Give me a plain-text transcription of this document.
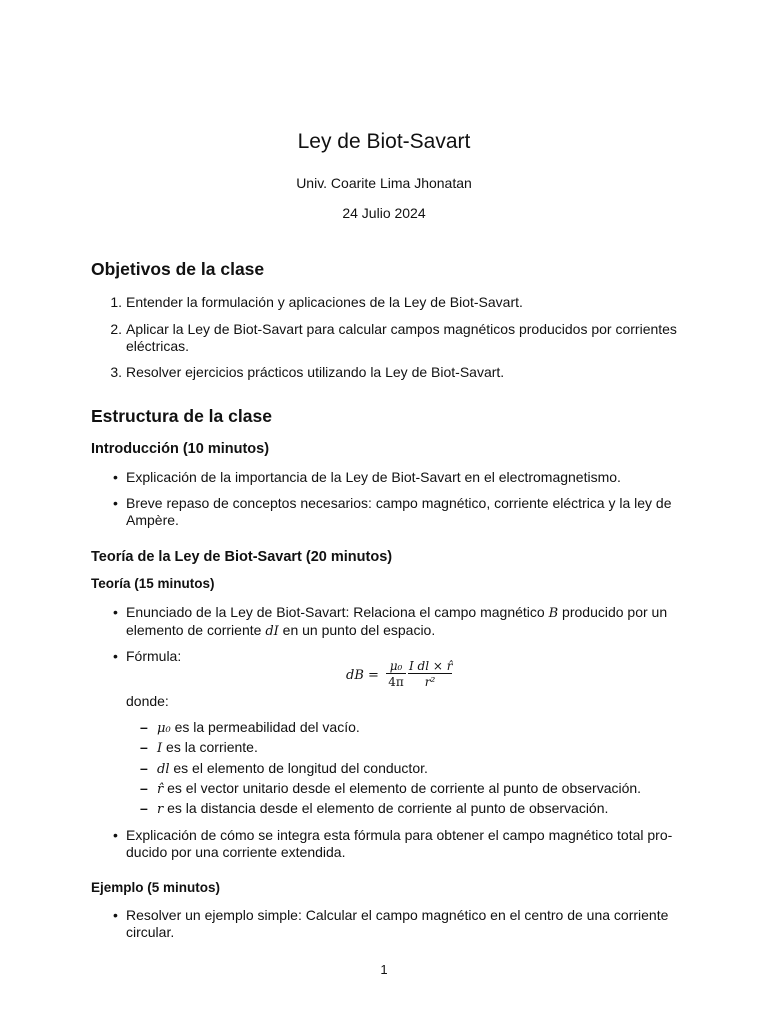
Ley de Biot-Savart
Univ. Coarite Lima Jhonatan
24 Julio 2024
Objetivos de la clase
1. Entender la formulación y aplicaciones de la Ley de Biot-Savart.
2. Aplicar la Ley de Biot-Savart para calcular campos magnéticos producidos por corrientes eléctricas.
3. Resolver ejercicios prácticos utilizando la Ley de Biot-Savart.
Estructura de la clase
Introducción (10 minutos)
• Explicación de la importancia de la Ley de Biot-Savart en el electromagnetismo.
• Breve repaso de conceptos necesarios: campo magnético, corriente eléctrica y la ley de Ampère.
Teoría de la Ley de Biot-Savart (20 minutos)
Teoría (15 minutos)
• Enunciado de la Ley de Biot-Savart: Relaciona el campo magnético B producido por un elemento de corriente dI en un punto del espacio.
• Fórmula:
dB = $\frac{\text{μ₀}}{4\pi} \frac{\text{I dl × r̂}}{\text{r²}}$
donde:
– μ₀ es la permeabilidad del vacío.
– I es la corriente.
– dl es el elemento de longitud del conductor.
– r̂ es el vector unitario desde el elemento de corriente al punto de observación.
– r es la distancia desde el elemento de corriente al punto de observación.
• Explicación de cómo se integra esta fórmula para obtener el campo magnético total pro-ducido por una corriente extendida.
Ejemplo (5 minutos)
• Resolver un ejemplo simple: Calcular el campo magnético en el centro de una corriente circular.
1
